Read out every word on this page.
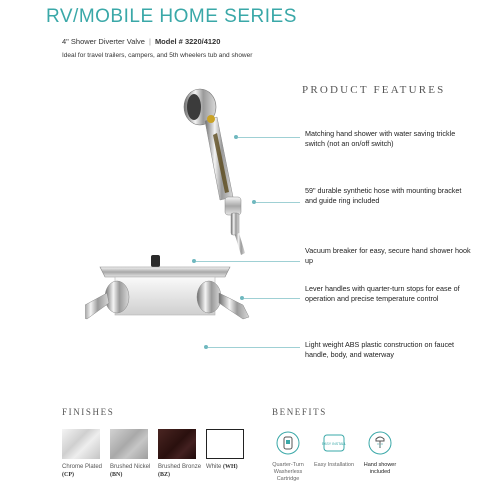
RV/MOBILE HOME SERIES
4" Shower Diverter Valve | Model # 3220/4120
Ideal for travel trailers, campers, and 5th wheelers tub and shower
PRODUCT FEATURES
Matching hand shower with water saving trickle switch (not an on/off switch)
59" durable synthetic hose with mounting bracket and guide ring included
Vacuum breaker for easy, secure hand shower hook up
Lever handles with quarter-turn stops for ease of operation and precise temperature control
Light weight ABS plastic construction on faucet handle, body, and waterway
FINISHES
Chrome Plated (CP)
Brushed Nickel (BN)
Brushed Bronze (BZ)
White (WH)
BENEFITS
Quarter-Turn Washerless Cartridge
EASY INSTALL
Easy Installation	Hand shower included
